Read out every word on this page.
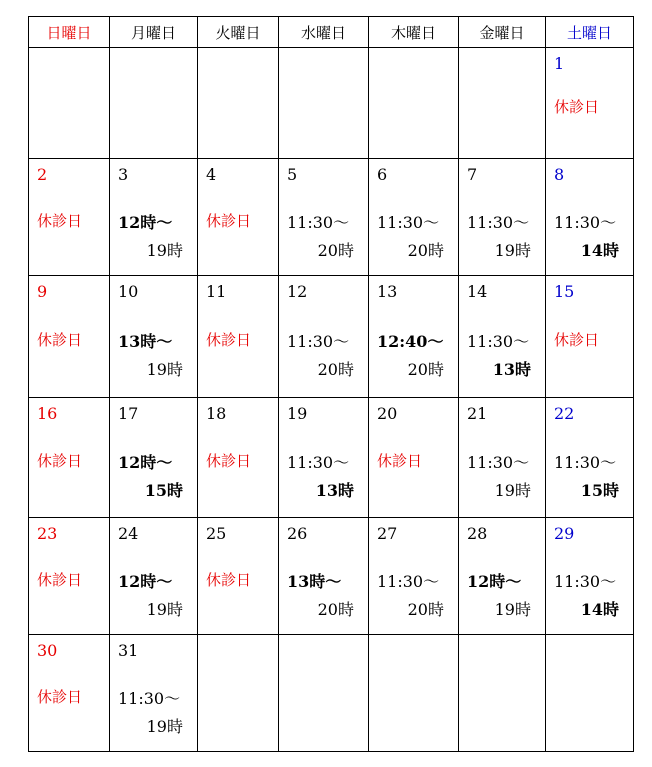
日曜日	月曜日	火曜日	水曜日	木曜日	金曜日	土曜日

						1
休診日

2
休診日	3
12時～
19時	4
休診日	5
11:30～
20時	6
11:30～
20時	7
11:30～
19時	8
11:30～
14時

9
休診日	10
13時～
19時	11
休診日	12
11:30～
20時	13
12:40～
20時	14
11:30～
13時	15
休診日

16
休診日	17
12時～
15時	18
休診日	19
11:30～
13時	20
休診日	21
11:30～
19時	22
11:30～
15時

23
休診日	24
12時～
19時	25
休診日	26
13時～
20時	27
11:30～
20時	28
12時～
19時	29
11:30～
14時

30
休診日	31
11:30～
19時					
